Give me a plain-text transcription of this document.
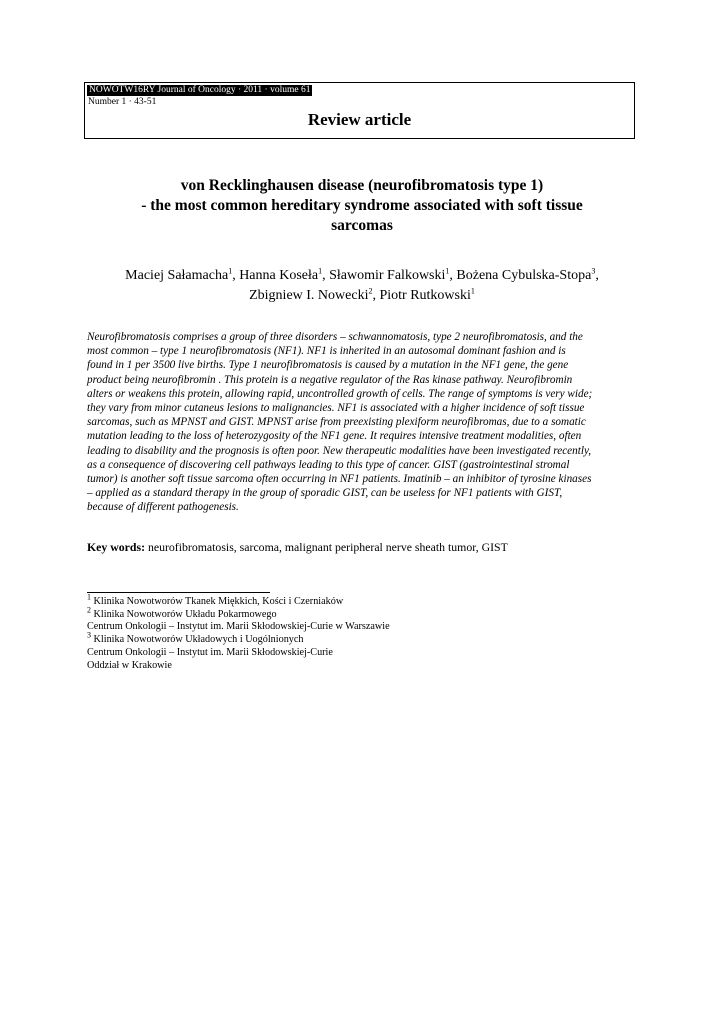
NOWOTW16RY Journal of Oncology · 2011 · volume 61
Number 1 · 43-51
Review article
von Recklinghausen disease (neurofibromatosis type 1)
- the most common hereditary syndrome associated with soft tissue
sarcomas
Maciej Sałamacha$^1$, Hanna Koseła$^1$, Sławomir Falkowski$^1$, Bożena Cybulska-Stopa$^3$,
Zbigniew I. Nowecki$^2$, Piotr Rutkowski$^1$
Neurofibromatosis comprises a group of three disorders – schwannomatosis, type 2 neurofibromatosis, and the
most common – type 1 neurofibromatosis (NF1). NF1 is inherited in an autosomal dominant fashion and is
found in 1 per 3500 live births. Type 1 neurofibromatosis is caused by a mutation in the NF1 gene, the gene
product being neurofibromin . This protein is a negative regulator of the Ras kinase pathway. Neurofibromin
alters or weakens this protein, allowing rapid, uncontrolled growth of cells. The range of symptoms is very wide;
they vary from minor cutaneus lesions to malignancies. NF1 is associated with a higher incidence of soft tissue
sarcomas, such as MPNST and GIST. MPNST arise from preexisting plexiform neurofibromas, due to a somatic
mutation leading to the loss of heterozygosity of the NF1 gene. It requires intensive treatment modalities, often
leading to disability and the prognosis is often poor. New therapeutic modalities have been investigated recently,
as a consequence of discovering cell pathways leading to this type of cancer. GIST (gastrointestinal stromal
tumor) is another soft tissue sarcoma often occurring in NF1 patients. Imatinib – an inhibitor of tyrosine kinases
– applied as a standard therapy in the group of sporadic GIST, can be useless for NF1 patients with GIST,
because of different pathogenesis.
Key words: neurofibromatosis, sarcoma, malignant peripheral nerve sheath tumor, GIST
$^1$ Klinika Nowotworów Tkanek Miękkich, Kości i Czerniaków
$^2$ Klinika Nowotworów Układu Pokarmowego
Centrum Onkologii – Instytut im. Marii Skłodowskiej-Curie w Warszawie
$^3$ Klinika Nowotworów Układowych i Uogólnionych
Centrum Onkologii – Instytut im. Marii Skłodowskiej-Curie
Oddział w Krakowie
